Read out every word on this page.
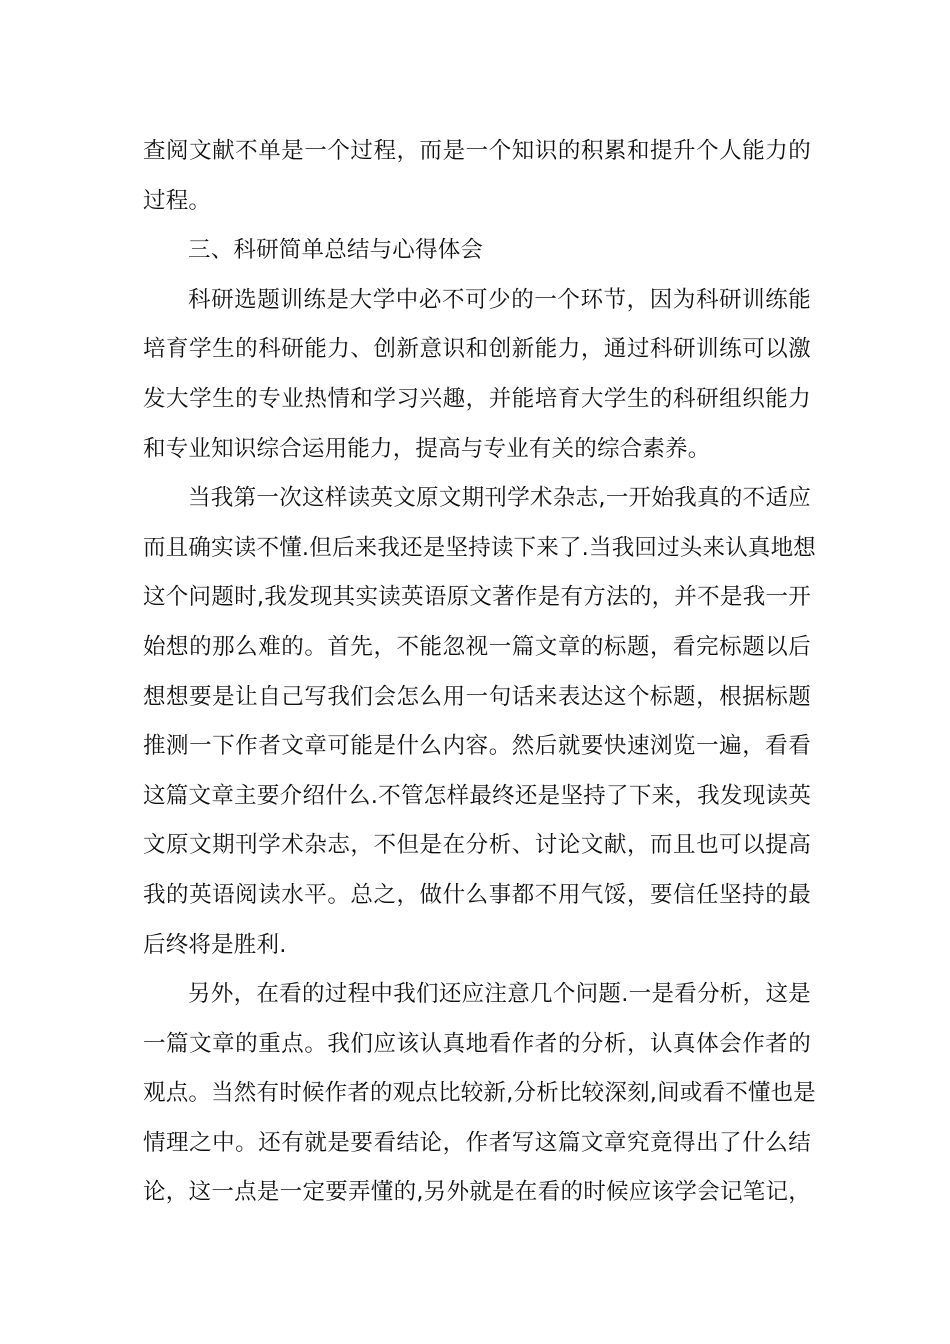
查阅文献不单是一个过程，而是一个知识的积累和提升个人能力的
过程。
三、科研简单总结与心得体会
科研选题训练是大学中必不可少的一个环节，因为科研训练能
培育学生的科研能力、创新意识和创新能力，通过科研训练可以激
发大学生的专业热情和学习兴趣，并能培育大学生的科研组织能力
和专业知识综合运用能力，提高与专业有关的综合素养。
当我第一次这样读英文原文期刊学术杂志,一开始我真的不适应
而且确实读不懂.但后来我还是坚持读下来了.当我回过头来认真地想
这个问题时,我发现其实读英语原文著作是有方法的，并不是我一开
始想的那么难的。首先，不能忽视一篇文章的标题，看完标题以后
想想要是让自己写我们会怎么用一句话来表达这个标题，根据标题
推测一下作者文章可能是什么内容。然后就要快速浏览一遍，看看
这篇文章主要介绍什么.不管怎样最终还是坚持了下来，我发现读英
文原文期刊学术杂志，不但是在分析、讨论文献，而且也可以提高
我的英语阅读水平。总之，做什么事都不用气馁，要信任坚持的最
后终将是胜利.
另外，在看的过程中我们还应注意几个问题.一是看分析，这是
一篇文章的重点。我们应该认真地看作者的分析，认真体会作者的
观点。当然有时候作者的观点比较新,分析比较深刻,间或看不懂也是
情理之中。还有就是要看结论，作者写这篇文章究竟得出了什么结
论，这一点是一定要弄懂的,另外就是在看的时候应该学会记笔记，
